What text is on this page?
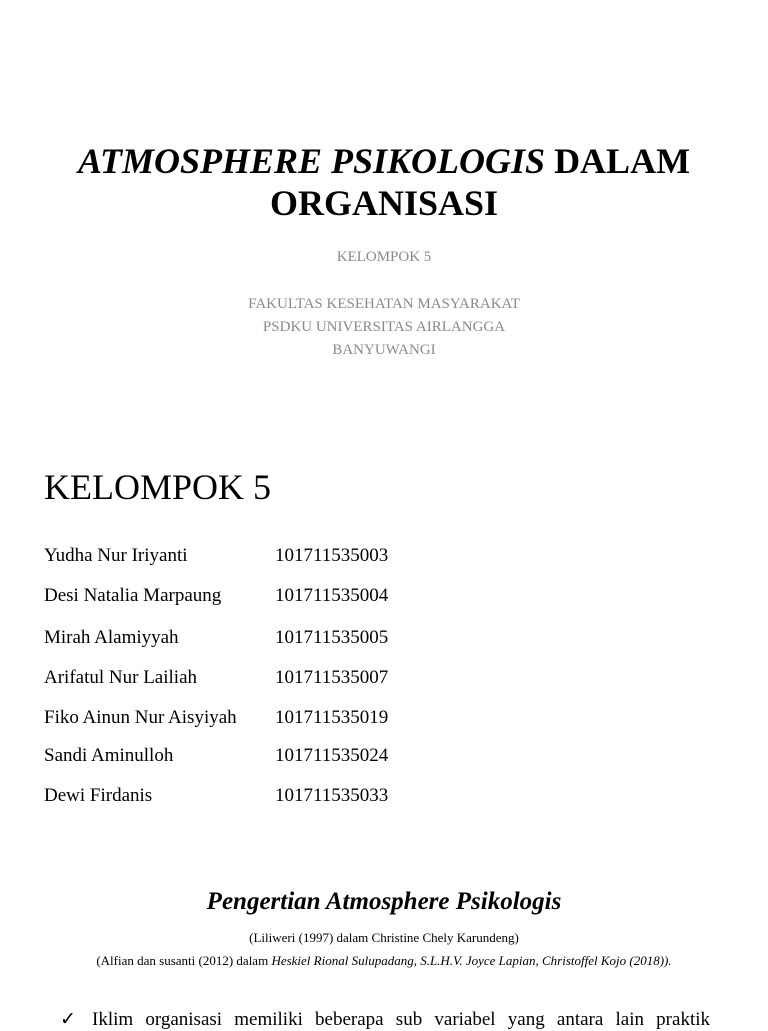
ATMOSPHERE PSIKOLOGIS DALAM
ORGANISASI
KELOMPOK 5
FAKULTAS KESEHATAN MASYARAKAT
PSDKU UNIVERSITAS AIRLANGGA
BANYUWANGI
KELOMPOK 5
Yudha Nur Iriyanti	101711535003
Desi Natalia Marpaung	101711535004
Mirah Alamiyyah	101711535005
Arifatul Nur Lailiah	101711535007
Fiko Ainun Nur Aisyiyah 101711535019
Sandi Aminulloh	101711535024
Dewi Firdanis	101711535033
Pengertian Atmosphere Psikologis
(Liliweri (1997) dalam Christine Chely Karundeng)
(Alfian dan susanti (2012) dalam Heskiel Rional Sulupadang, S.L.H.V. Joyce Lapian, Christoffel Kojo (2018)).
✓ Iklim organisasi memiliki beberapa sub variabel yang antara lain praktik
